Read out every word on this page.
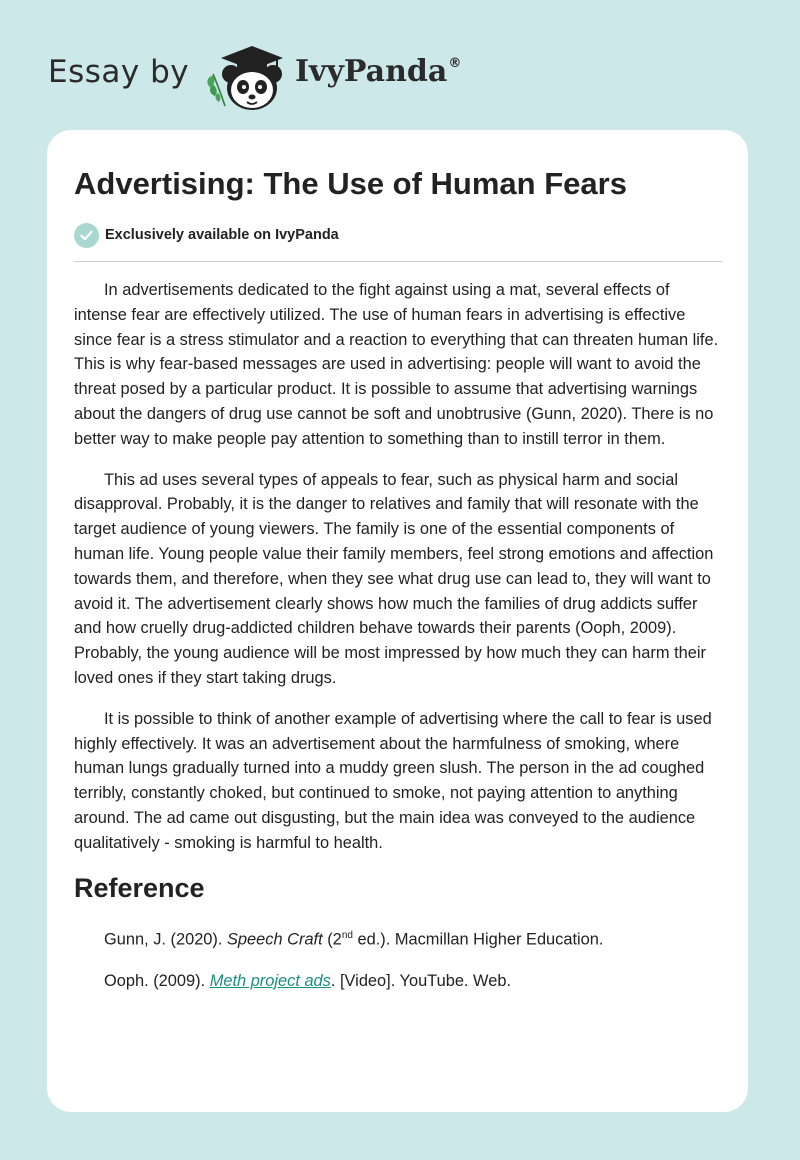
Essay by	IvyPanda®
Advertising: The Use of Human Fears
Exclusively available on IvyPanda

In advertisements dedicated to the fight against using a mat, several effects of intense fear are effectively utilized. The use of human fears in advertising is effective since fear is a stress stimulator and a reaction to everything that can threaten human life. This is why fear-based messages are used in advertising: people will want to avoid the threat posed by a particular product. It is possible to assume that advertising warnings about the dangers of drug use cannot be soft and unobtrusive (Gunn, 2020). There is no better way to make people pay attention to something than to instill terror in them.

This ad uses several types of appeals to fear, such as physical harm and social disapproval. Probably, it is the danger to relatives and family that will resonate with the target audience of young viewers. The family is one of the essential components of human life. Young people value their family members, feel strong emotions and affection towards them, and therefore, when they see what drug use can lead to, they will want to avoid it. The advertisement clearly shows how much the families of drug addicts suffer and how cruelly drug-addicted children behave towards their parents (Ooph, 2009). Probably, the young audience will be most impressed by how much they can harm their loved ones if they start taking drugs.

It is possible to think of another example of advertising where the call to fear is used highly effectively. It was an advertisement about the harmfulness of smoking, where human lungs gradually turned into a muddy green slush. The person in the ad coughed terribly, constantly choked, but continued to smoke, not paying attention to anything around. The ad came out disgusting, but the main idea was conveyed to the audience qualitatively - smoking is harmful to health.

Reference

Gunn, J. (2020). Speech Craft (2nd ed.). Macmillan Higher Education.

Ooph. (2009). Meth project ads. [Video]. YouTube. Web.
